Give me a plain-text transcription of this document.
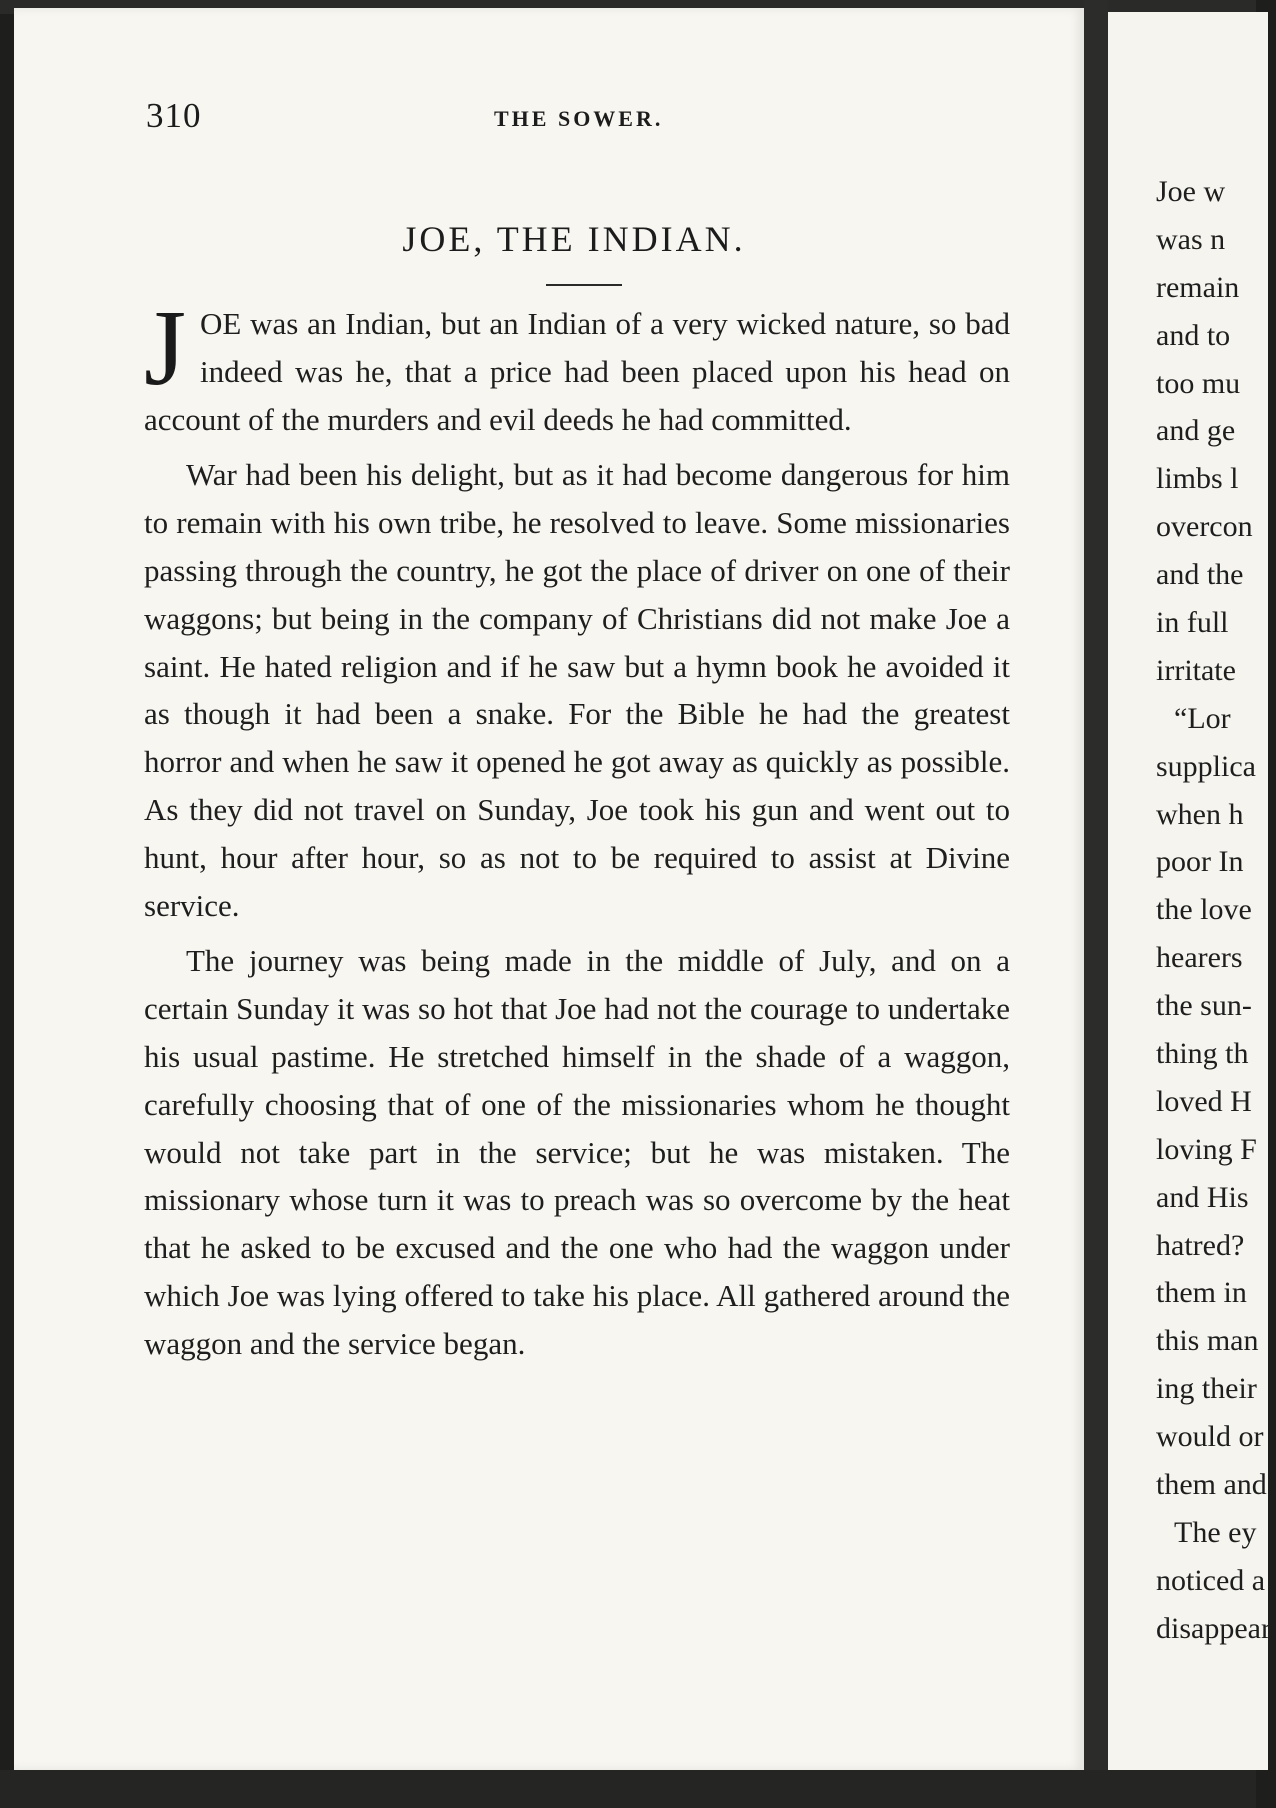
310	THE SOWER.
JOE, THE INDIAN.

JOE was an Indian, but an Indian of a very wicked nature, so bad indeed was he, that a price had been placed upon his head on account of the murders and evil deeds he had committed.

War had been his delight, but as it had become dangerous for him to remain with his own tribe, he resolved to leave. Some missionaries passing through the country, he got the place of driver on one of their waggons; but being in the company of Christians did not make Joe a saint. He hated religion and if he saw but a hymn book he avoided it as though it had been a snake. For the Bible he had the greatest horror and when he saw it opened he got away as quickly as possible. As they did not travel on Sunday, Joe took his gun and went out to hunt, hour after hour, so as not to be required to assist at Divine service.

The journey was being made in the middle of July, and on a certain Sunday it was so hot that Joe had not the courage to undertake his usual pastime. He stretched himself in the shade of a waggon, carefully choosing that of one of the missionaries whom he thought would not take part in the service; but he was mistaken. The missionary whose turn it was to preach was so overcome by the heat that he asked to be excused and the one who had the waggon under which Joe was lying offered to take his place. All gathered around the waggon and the service began.

Joe w
was n
remain
and to
too mu
and ge
limbs l
overcon
and the
in full
irritate
“Lor
supplica
when h
poor In
the love
hearers
the sun-
thing th
loved H
loving F
and His
hatred?
them in
this man
ing their
would or
them and
The ey
noticed a
disappear
